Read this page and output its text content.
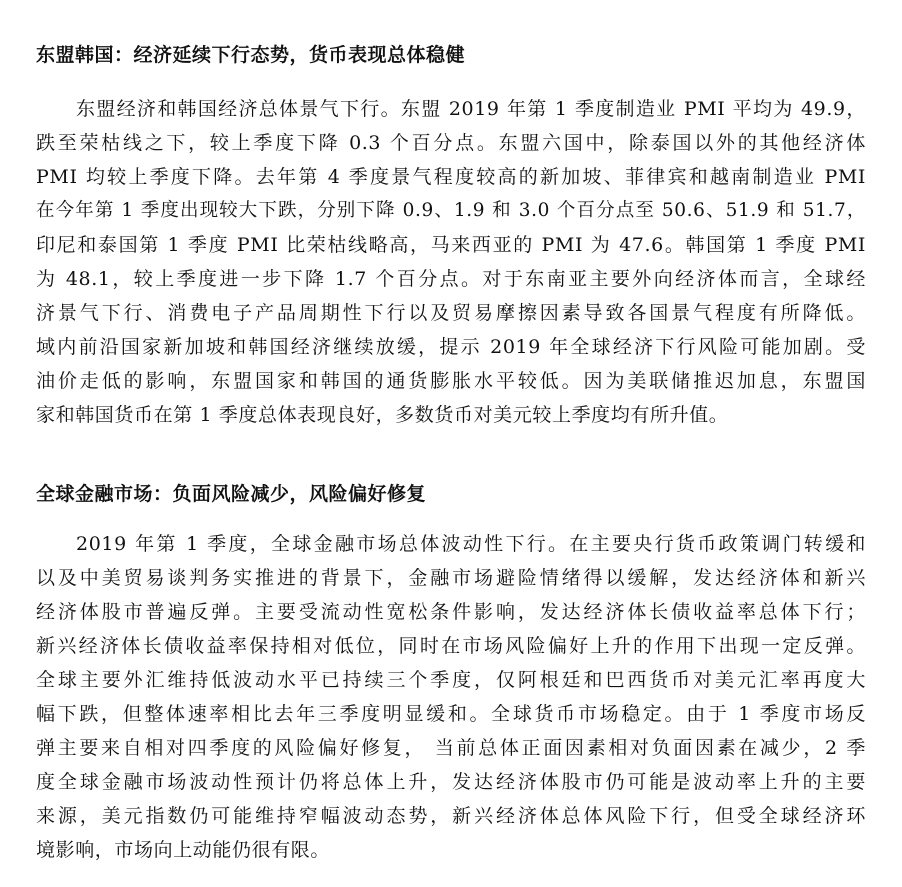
东盟韩国：经济延续下行态势，货币表现总体稳健
东盟经济和韩国经济总体景气下行。东盟 2019 年第 1 季度制造业 PMI 平均为 49.9，
跌至荣枯线之下，较上季度下降 0.3 个百分点。东盟六国中，除泰国以外的其他经济体
PMI 均较上季度下降。去年第 4 季度景气程度较高的新加坡、菲律宾和越南制造业 PMI
在今年第 1 季度出现较大下跌，分别下降 0.9、1.9 和 3.0 个百分点至 50.6、51.9 和 51.7，
印尼和泰国第 1 季度 PMI 比荣枯线略高，马来西亚的 PMI 为 47.6。韩国第 1 季度 PMI
为 48.1，较上季度进一步下降 1.7 个百分点。对于东南亚主要外向经济体而言，全球经
济景气下行、消费电子产品周期性下行以及贸易摩擦因素导致各国景气程度有所降低。
域内前沿国家新加坡和韩国经济继续放缓，提示 2019 年全球经济下行风险可能加剧。受
油价走低的影响，东盟国家和韩国的通货膨胀水平较低。因为美联储推迟加息，东盟国
家和韩国货币在第 1 季度总体表现良好，多数货币对美元较上季度均有所升值。
全球金融市场：负面风险减少，风险偏好修复
2019 年第 1 季度，全球金融市场总体波动性下行。在主要央行货币政策调门转缓和
以及中美贸易谈判务实推进的背景下，金融市场避险情绪得以缓解，发达经济体和新兴
经济体股市普遍反弹。主要受流动性宽松条件影响，发达经济体长债收益率总体下行；
新兴经济体长债收益率保持相对低位，同时在市场风险偏好上升的作用下出现一定反弹。
全球主要外汇维持低波动水平已持续三个季度，仅阿根廷和巴西货币对美元汇率再度大
幅下跌，但整体速率相比去年三季度明显缓和。全球货币市场稳定。由于 1 季度市场反
弹主要来自相对四季度的风险偏好修复， 当前总体正面因素相对负面因素在减少，2 季
度全球金融市场波动性预计仍将总体上升，发达经济体股市仍可能是波动率上升的主要
来源，美元指数仍可能维持窄幅波动态势，新兴经济体总体风险下行，但受全球经济环
境影响，市场向上动能仍很有限。
